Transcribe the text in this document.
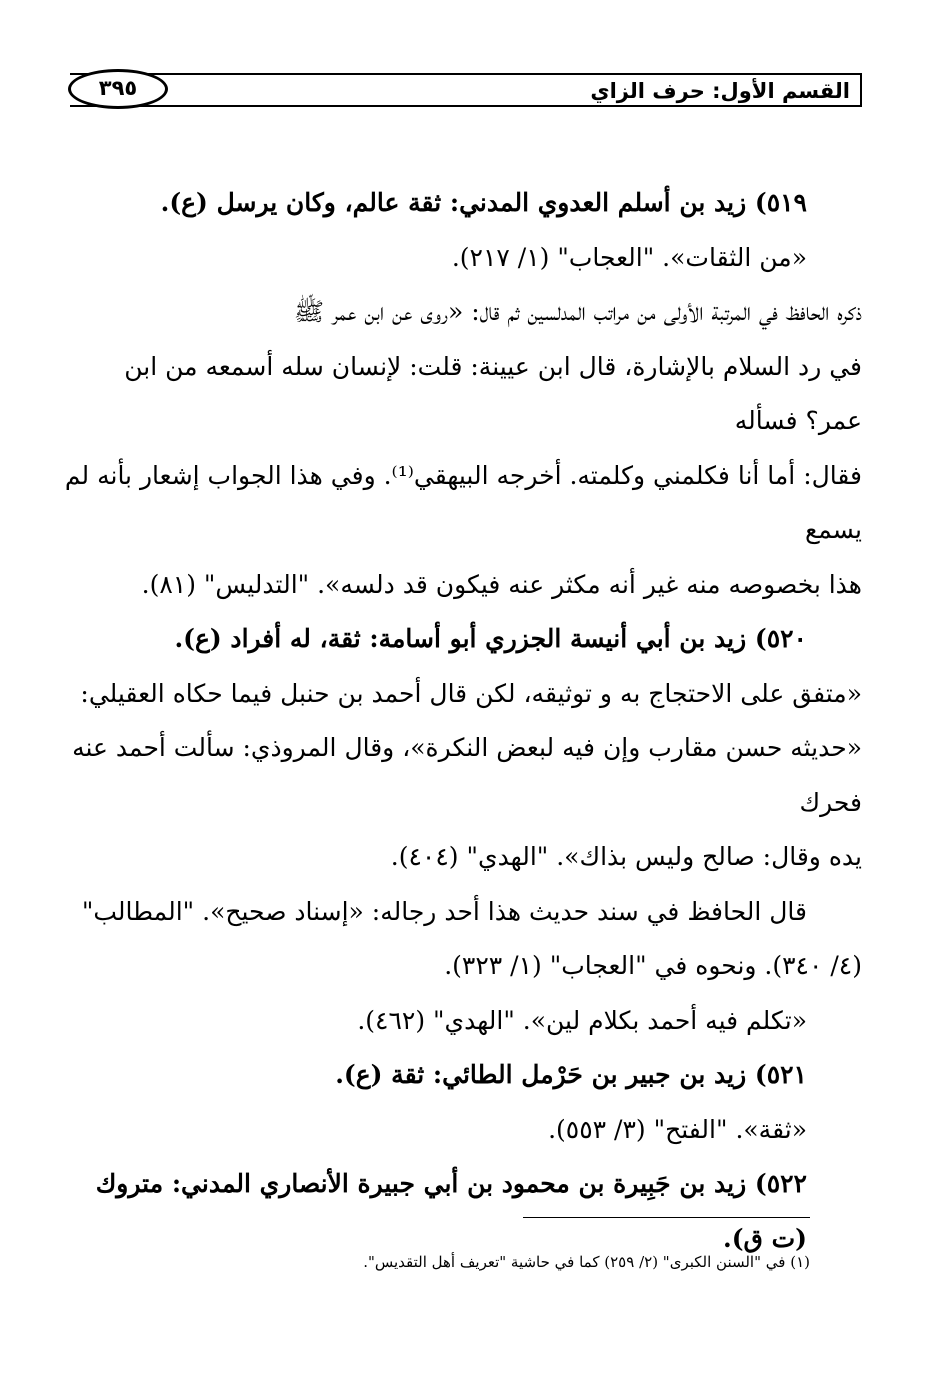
القسم الأول: حرف الزاي
٣٩٥

٥١٩) زيد بن أسلم العدوي المدني: ثقة عالم، وكان يرسل (ع).

«من الثقات». "العجاب" (١/ ٢١٧).

ذكره الحافظ في المرتبة الأولى من مراتب المدلسين ثم قال: «روى عن ابن عمر ﷺ

في رد السلام بالإشارة، قال ابن عيينة: قلت: لإنسان سله أسمعه من ابن عمر؟ فسأله

فقال: أما أنا فكلمني وكلمته. أخرجه البيهقي⁽¹⁾. وفي هذا الجواب إشعار بأنه لم يسمع

هذا بخصوصه منه غير أنه مكثر عنه فيكون قد دلسه». "التدليس" (٨١).

٥٢٠) زيد بن أبي أنيسة الجزري أبو أسامة: ثقة، له أفراد (ع).

«متفق على الاحتجاج به و توثيقه، لكن قال أحمد بن حنبل فيما حكاه العقيلي:

«حديثه حسن مقارب وإن فيه لبعض النكرة»، وقال المروذي: سألت أحمد عنه فحرك

يده وقال: صالح وليس بذاك». "الهدي" (٤٠٤).

قال الحافظ في سند حديث هذا أحد رجاله: «إسناد صحيح». "المطالب"

(٤/ ٣٤٠). ونحوه في "العجاب" (١/ ٣٢٣).

«تكلم فيه أحمد بكلام لين». "الهدي" (٤٦٢).

٥٢١) زيد بن جبير بن حَرْمل الطائي: ثقة (ع).

«ثقة». "الفتح" (٣/ ٥٥٣).

٥٢٢) زيد بن جَبِيرة بن محمود بن أبي جبيرة الأنصاري المدني: متروك (ت ق).

(١) في "السنن الكبرى" (٢/ ٢٥٩) كما في حاشية "تعريف أهل التقديس".
